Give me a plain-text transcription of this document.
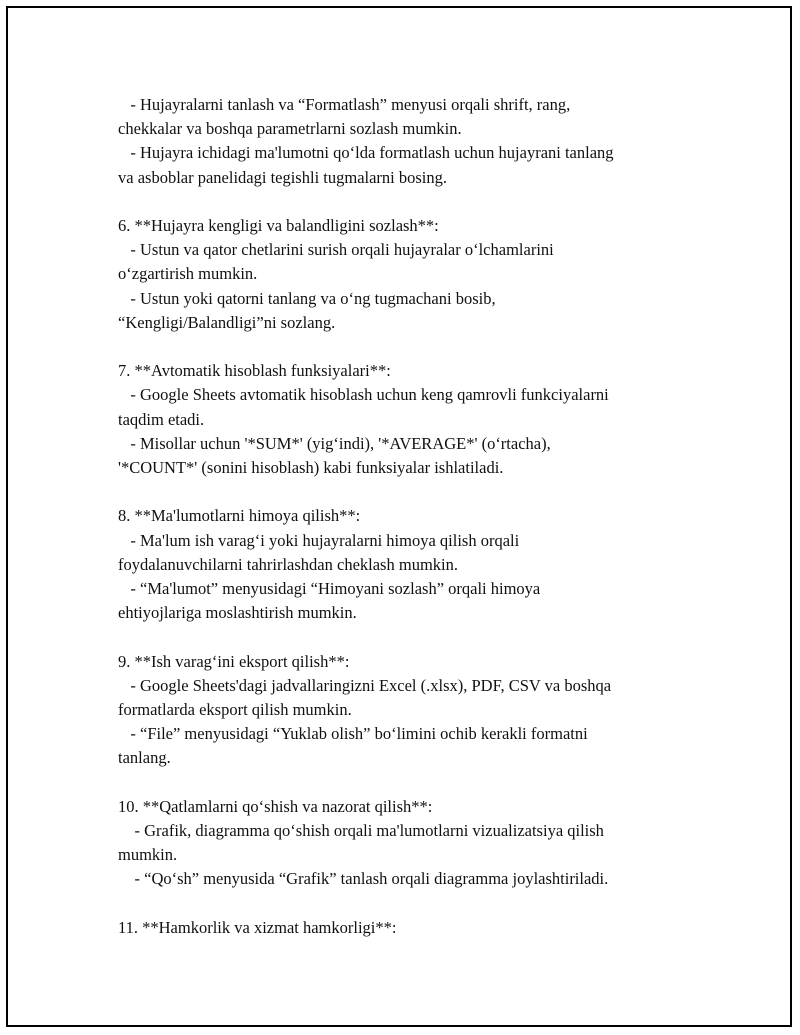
- Hujayralarni tanlash va “Formatlash” menyusi orqali shrift, rang,
chekkalar va boshqa parametrlarni sozlash mumkin.
- Hujayra ichidagi ma'lumotni qo‘lda formatlash uchun hujayrani tanlang
va asboblar panelidagi tegishli tugmalarni bosing.
6. **Hujayra kengligi va balandligini sozlash**:
- Ustun va qator chetlarini surish orqali hujayralar o‘lchamlarini
o‘zgartirish mumkin.
- Ustun yoki qatorni tanlang va o‘ng tugmachani bosib,
“Kengligi/Balandligi”ni sozlang.
7. **Avtomatik hisoblash funksiyalari**:
- Google Sheets avtomatik hisoblash uchun keng qamrovli funkciyalarni
taqdim etadi.
- Misollar uchun '*SUM*' (yig‘indi), '*AVERAGE*' (o‘rtacha),
'*COUNT*' (sonini hisoblash) kabi funksiyalar ishlatiladi.
8. **Ma'lumotlarni himoya qilish**:
- Ma'lum ish varag‘i yoki hujayralarni himoya qilish orqali
foydalanuvchilarni tahrirlashdan cheklash mumkin.
- “Ma'lumot” menyusidagi “Himoyani sozlash” orqali himoya
ehtiyojlariga moslashtirish mumkin.
9. **Ish varag‘ini eksport qilish**:
- Google Sheets'dagi jadvallaringizni Excel (.xlsx), PDF, CSV va boshqa
formatlarda eksport qilish mumkin.
- “File” menyusidagi “Yuklab olish” bo‘limini ochib kerakli formatni
tanlang.
10. **Qatlamlarni qo‘shish va nazorat qilish**:
- Grafik, diagramma qo‘shish orqali ma'lumotlarni vizualizatsiya qilish
mumkin.
- “Qo‘sh” menyusida “Grafik” tanlash orqali diagramma joylashtiriladi.
11. **Hamkorlik va xizmat hamkorligi**:
